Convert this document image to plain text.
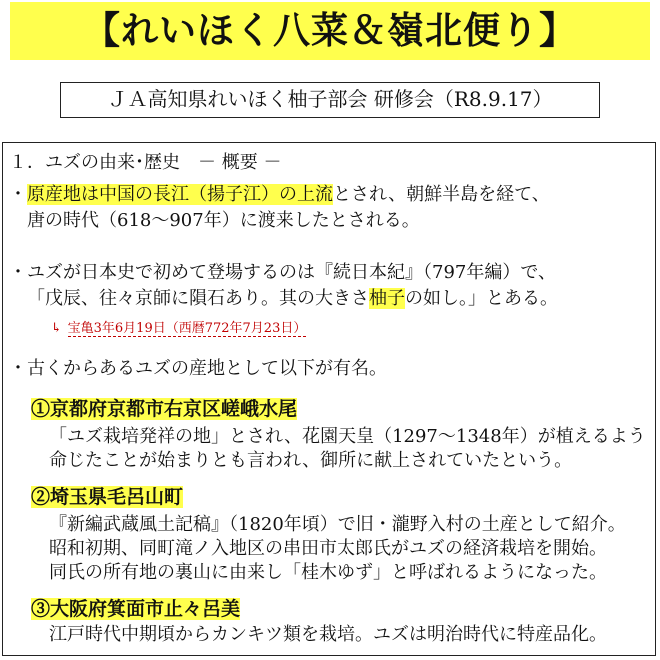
【れいほく八菜＆嶺北便り】
ＪＡ高知県れいほく柚子部会 研修会（R8.9.17）
１．ユズの由来･歴史　－ 概要 －
・原産地は中国の長江（揚子江）の上流とされ、朝鮮半島を経て、
唐の時代（618～907年）に渡来したとされる。
・ユズが日本史で初めて登場するのは『続日本紀』（797年編）で、
「戊辰、往々京師に隕石あり。其の大きさ柚子の如し。」とある。
↳ 宝亀3年6月19日（西暦772年7月23日）
・古くからあるユズの産地として以下が有名。
①京都府京都市右京区嵯峨水尾
「ユズ栽培発祥の地」とされ、花園天皇（1297～1348年）が植えるよう
命じたことが始まりとも言われ、御所に献上されていたという。
②埼玉県毛呂山町
『新編武蔵風土記稿』（1820年頃）で旧・瀧野入村の土産として紹介。
昭和初期、同町滝ノ入地区の串田市太郎氏がユズの経済栽培を開始。
同氏の所有地の裏山に由来し「桂木ゆず」と呼ばれるようになった。
③大阪府箕面市止々呂美
江戸時代中期頃からカンキツ類を栽培。ユズは明治時代に特産品化。
